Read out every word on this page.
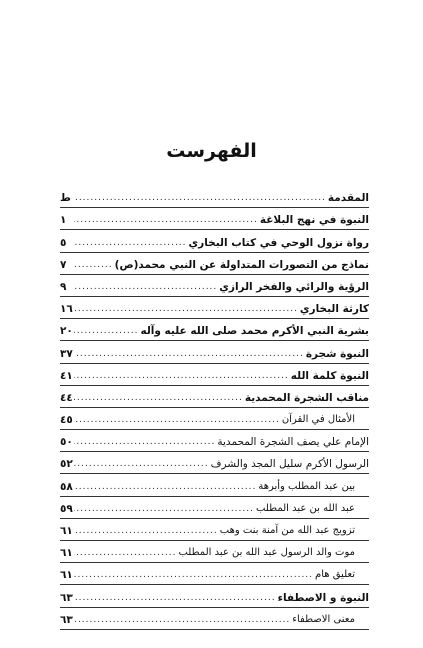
الفهرست
المقدمة
.....
ط
النبوة في نهج البلاغة
.....
١
رواة نزول الوحي في كتاب البخاري
.....
٥
نماذج من التصورات المتداولة عن النبي محمد(ص)
.....
٧
الرؤية والرائي والفخر الرازي
.....
٩
كارثة البخاري
.....
١٦
بشرية النبي الأكرم محمد صلى الله عليه وآله
.....
٢٠
النبوة شجرة
.....
٣٧
النبوة كلمة الله
.....
٤١
مناقب الشجرة المحمدية
.....
٤٤
الأمثال في القرآن
.....
٤٥
الإمام علي يصف الشجرة المحمدية
.....
٥٠
الرسول الأكرم سليل المجد والشرف
.....
٥٢
بين عبد المطلب وأبرهة
.....
٥٨
عبد الله بن عبد المطلب
.....
٥٩
تزويج عبد الله من آمنة بنت وهب
.....
٦١
موت والد الرسول عبد الله بن عبد المطلب
.....
٦١
تعليق هام
.....
٦١
النبوة و الاصطفاء
.....
٦٣
معنى الاصطفاء
.....
٦٣
